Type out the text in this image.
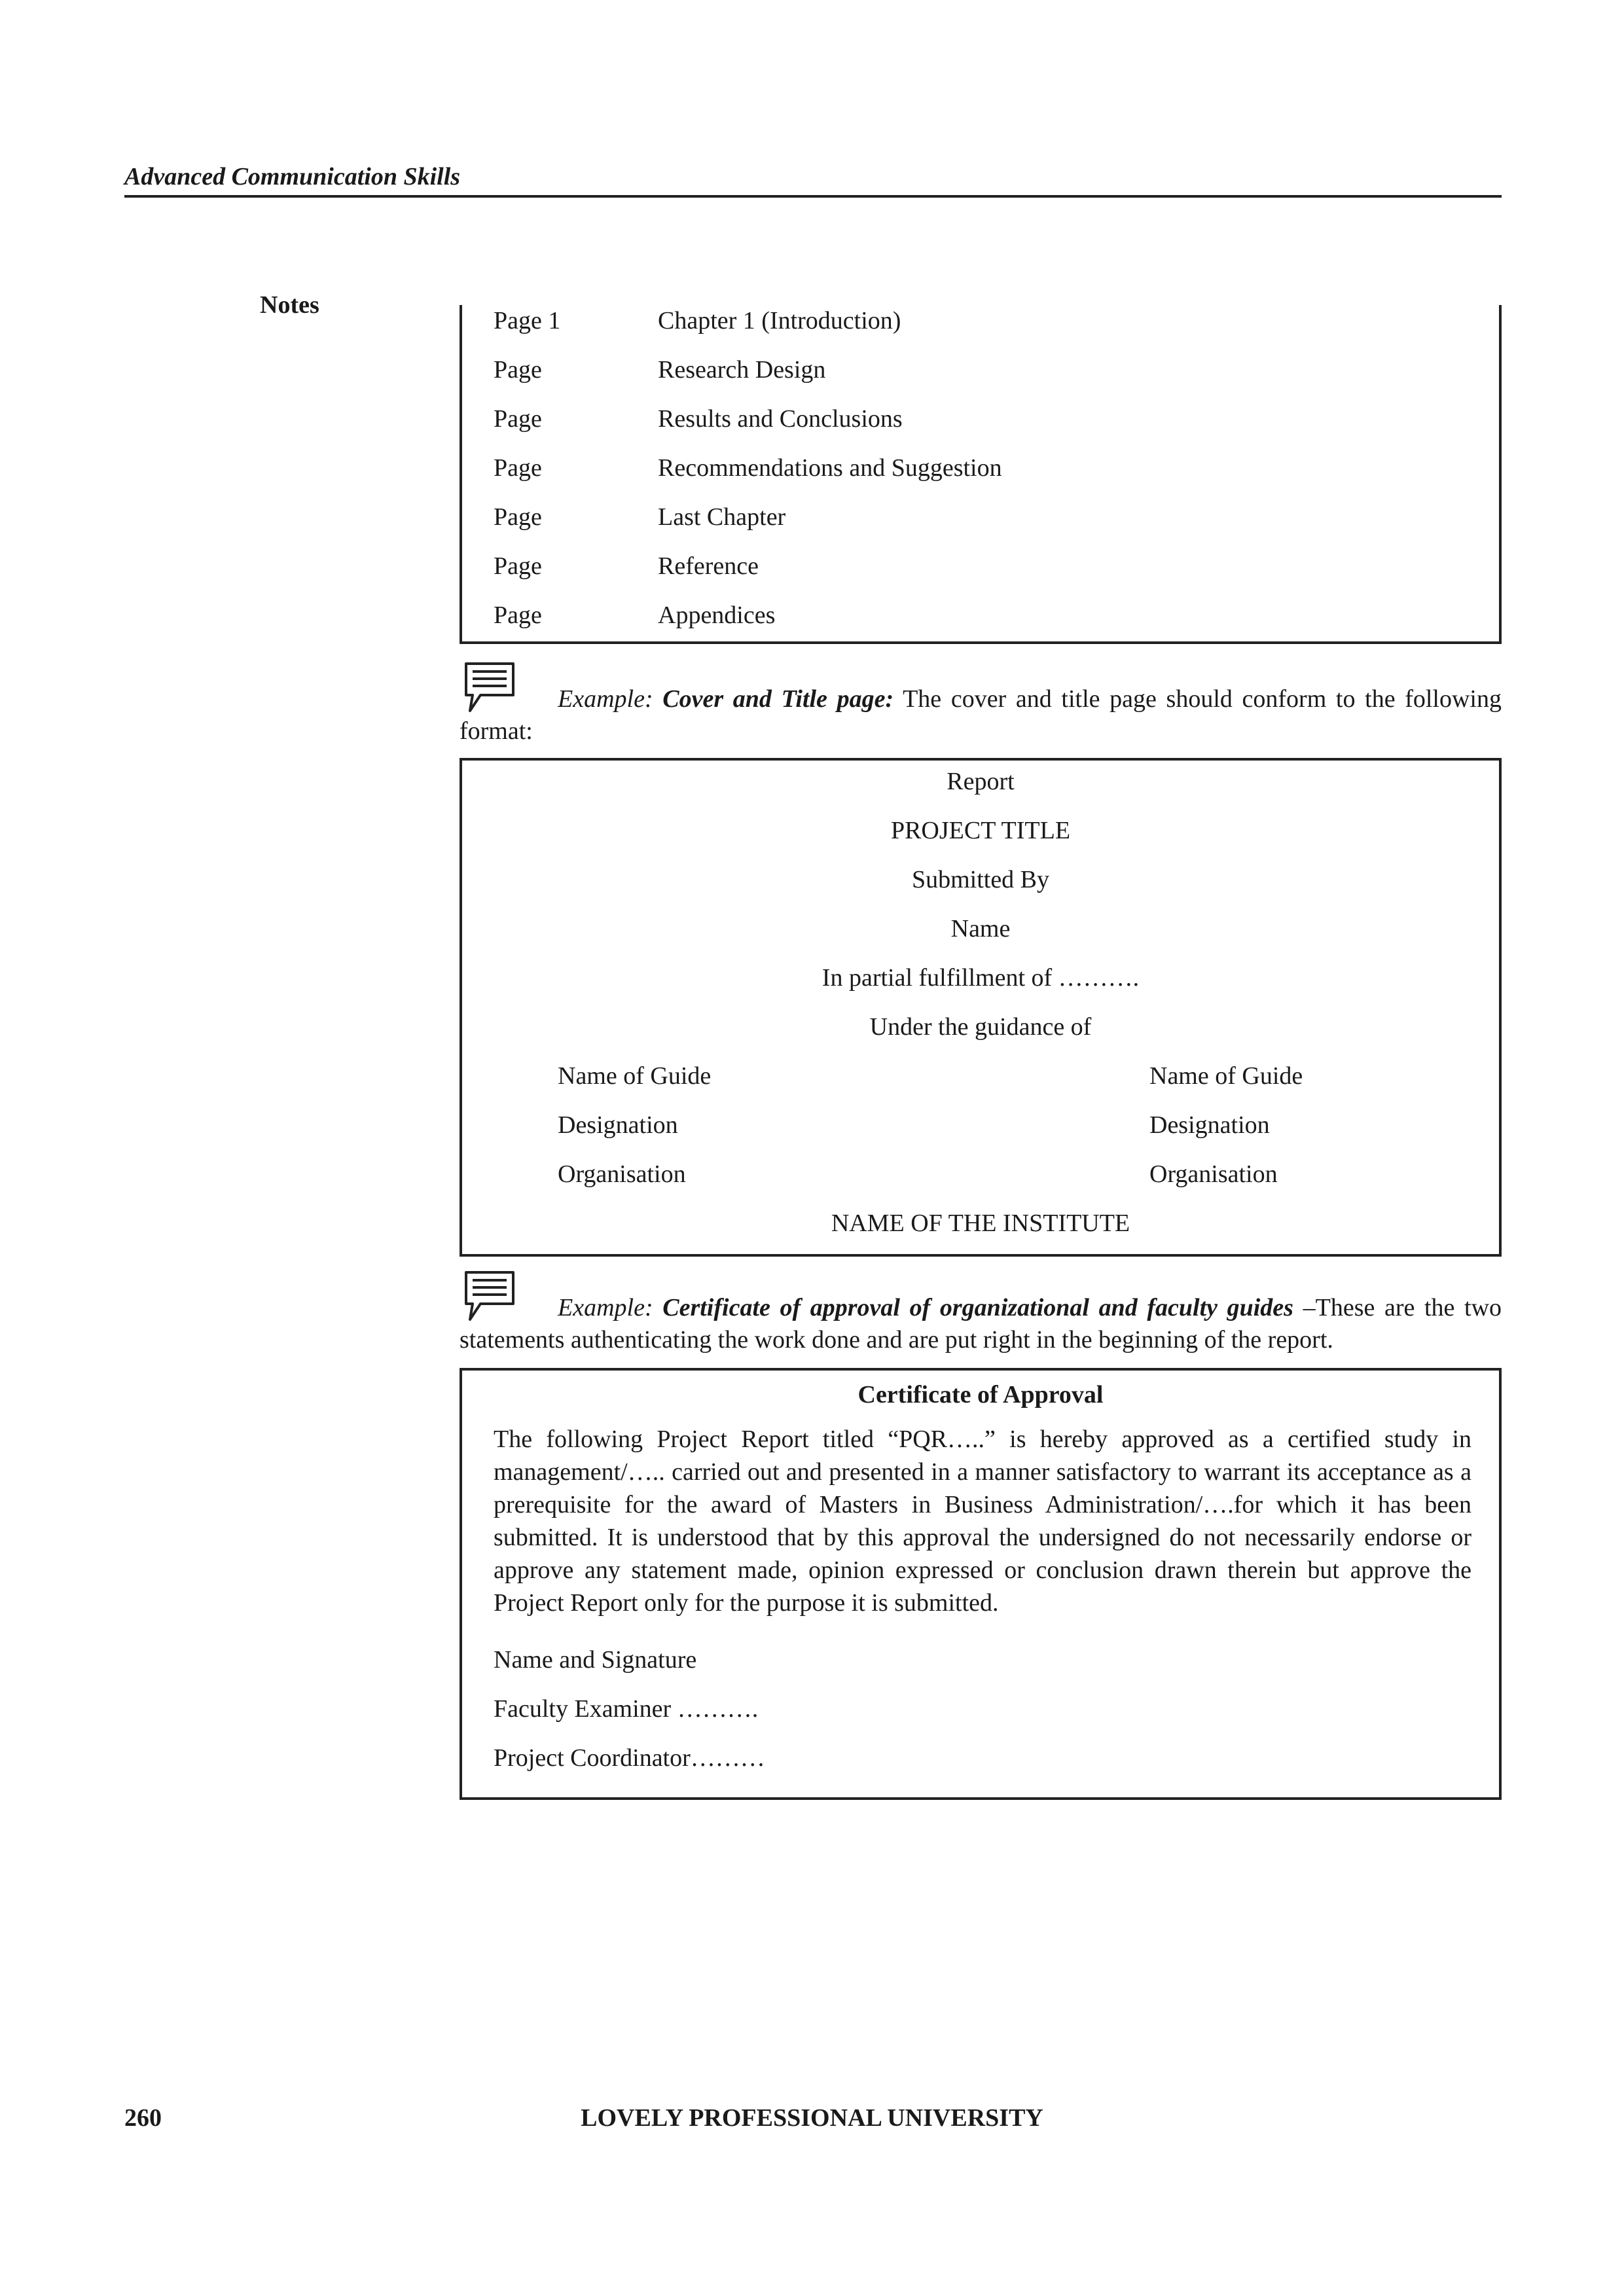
Advanced Communication Skills
Notes
Page 1	Chapter 1 (Introduction)
Page	Research Design
Page	Results and Conclusions
Page	Recommendations and Suggestion
Page	Last Chapter
Page	Reference
Page	Appendices
Example: Cover and Title page: The cover and title page should conform to the following format:
Report
PROJECT TITLE
Submitted By
Name
In partial fulfillment of ……….
Under the guidance of
Name of Guide	Name of Guide
Designation	Designation
Organisation	Organisation
NAME OF THE INSTITUTE
Example: Certificate of approval of organizational and faculty guides –These are the two statements authenticating the work done and are put right in the beginning of the report.
Certificate of Approval
The following Project Report titled “PQR…..” is hereby approved as a certified study in management/….. carried out and presented in a manner satisfactory to warrant its acceptance as a prerequisite for the award of Masters in Business Administration/….for which it has been submitted. It is understood that by this approval the undersigned do not necessarily endorse or approve any statement made, opinion expressed or conclusion drawn therein but approve the Project Report only for the purpose it is submitted.
Name and Signature
Faculty Examiner ……….
Project Coordinator………
260	LOVELY PROFESSIONAL UNIVERSITY
